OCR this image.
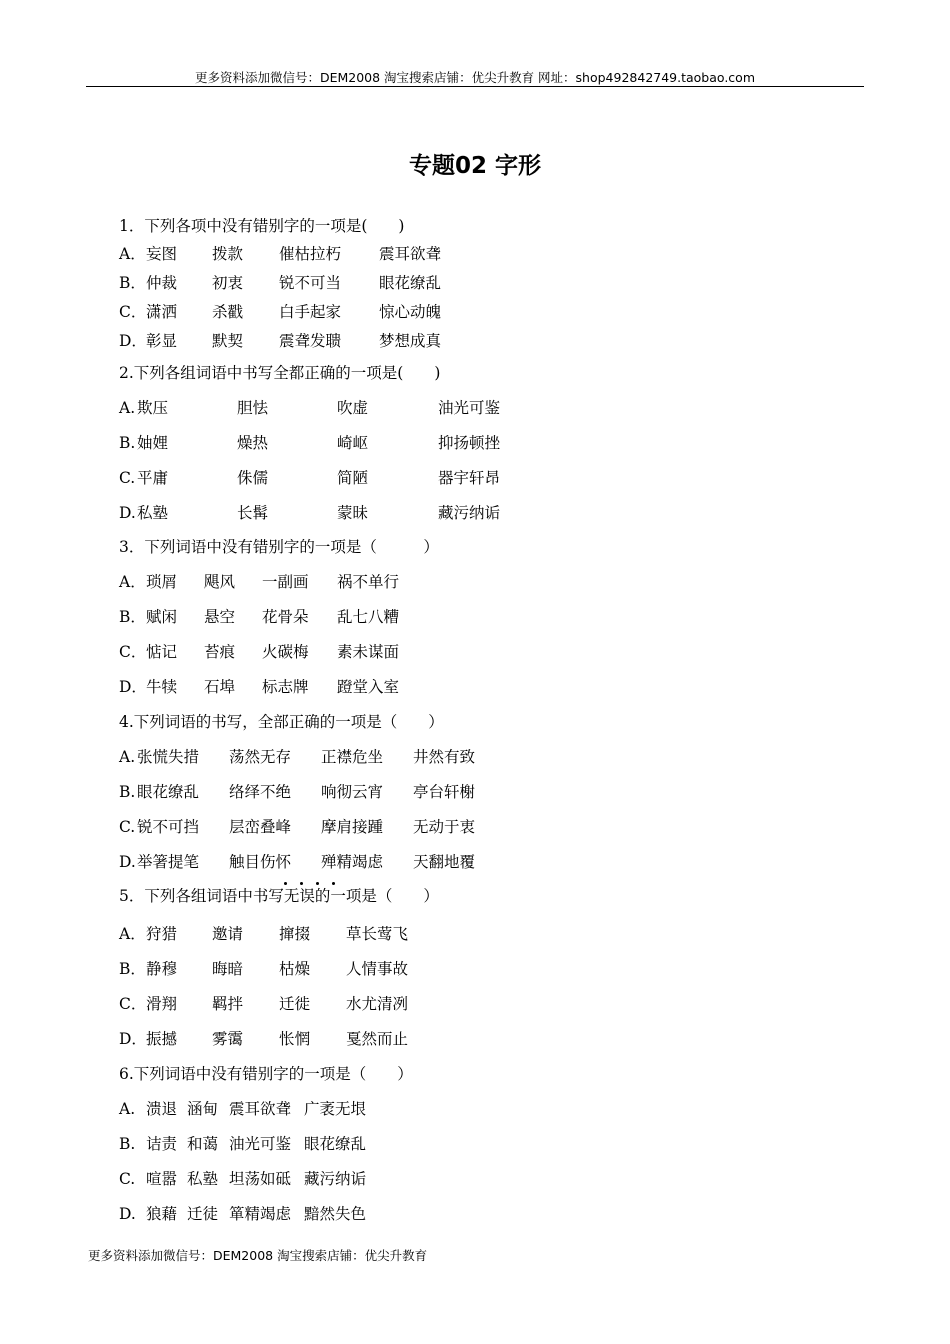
更多资料添加微信号：DEM2008 淘宝搜索店铺：优尖升教育 网址：shop492842749.taobao.com
专题02 字形
1．下列各项中没有错别字的一项是(　　)
A． 妄图 拨款 催枯拉朽 震耳欲聋
B． 仲裁 初衷 锐不可当 眼花缭乱
C． 潇洒 杀戳 白手起家 惊心动魄
D． 彰显 默契 震聋发聩 梦想成真
2.下列各组词语中书写全都正确的一项是(　　)
A. 欺压	胆怯	吹虚	油光可鉴
B. 妯娌	燥热	崎岖	抑扬顿挫
C. 平庸	侏儒	简陋	器宇轩昂
D. 私塾	长髯	蒙昧	藏污纳诟
3．下列词语中没有错别字的一项是（　　　）
A． 琐屑 飓风 一副画 祸不单行
B． 赋闲 悬空 花骨朵 乱七八糟
C． 惦记 苔痕 火碳梅 素未谋面
D． 牛犊 石埠 标志牌 蹬堂入室
4.下列词语的书写，全部正确的一项是（　　）
A. 张慌失措 荡然无存 正襟危坐 井然有致
B. 眼花缭乱 络绎不绝 响彻云宵 亭台轩榭
C. 锐不可挡 层峦叠峰 摩肩接踵 无动于衷
D. 举箸提笔 触目伤怀 殚精竭虑 天翻地覆
5．下列各组词语中书写无误的一项是（　　）
A． 狩猎 邀请 撺掇 草长莺飞
B． 静穆 晦暗 枯燥 人情事故
C． 滑翔 羁拌 迁徙 水尤清冽
D． 振撼 雾霭 怅惘 戛然而止
6.下列词语中没有错别字的一项是（　　）
A. 溃退 涵甸 震耳欲聋 广袤无垠
B. 诘责 和蔼 油光可鉴 眼花缭乱
C. 喧嚣 私塾 坦荡如砥 藏污纳诟
D. 狼藉 迁徒 箪精竭虑 黯然失色
更多资料添加微信号：DEM2008 淘宝搜索店铺：优尖升教育
